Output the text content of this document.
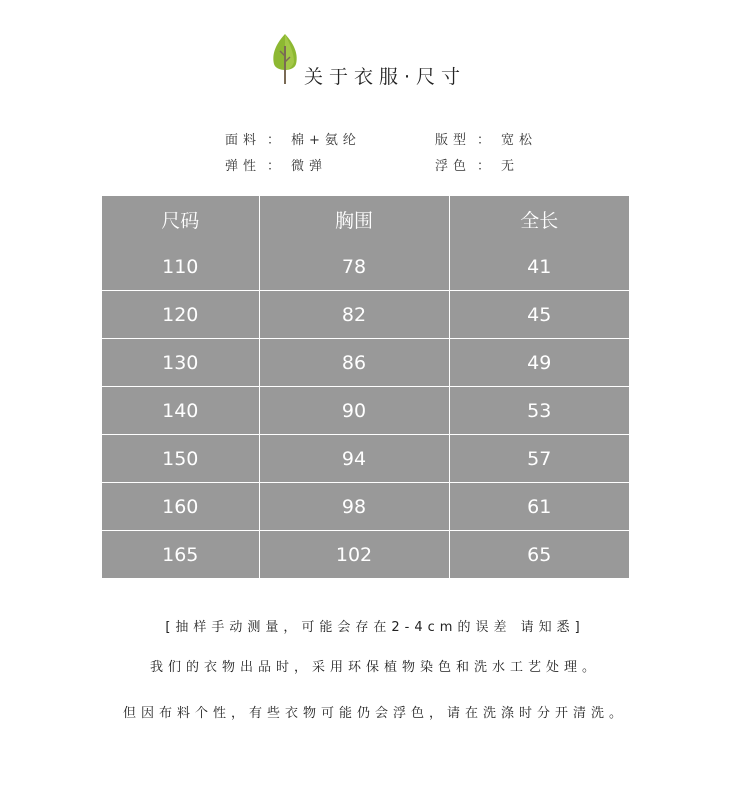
关于衣服·尺寸
面料 ： 棉+氨纶	版型 ： 宽松
弹性 ： 微弹	浮色 ： 无
尺码	胸围	全长
110	78	41
120	82	45
130	86	49
140	90	53
150	94	57
160	98	61
165	102	65
[抽样手动测量，可能会存在2-4cm的误差 请知悉]
我们的衣物出品时，采用环保植物染色和洗水工艺处理。
但因布料个性，有些衣物可能仍会浮色，请在洗涤时分开清洗。
